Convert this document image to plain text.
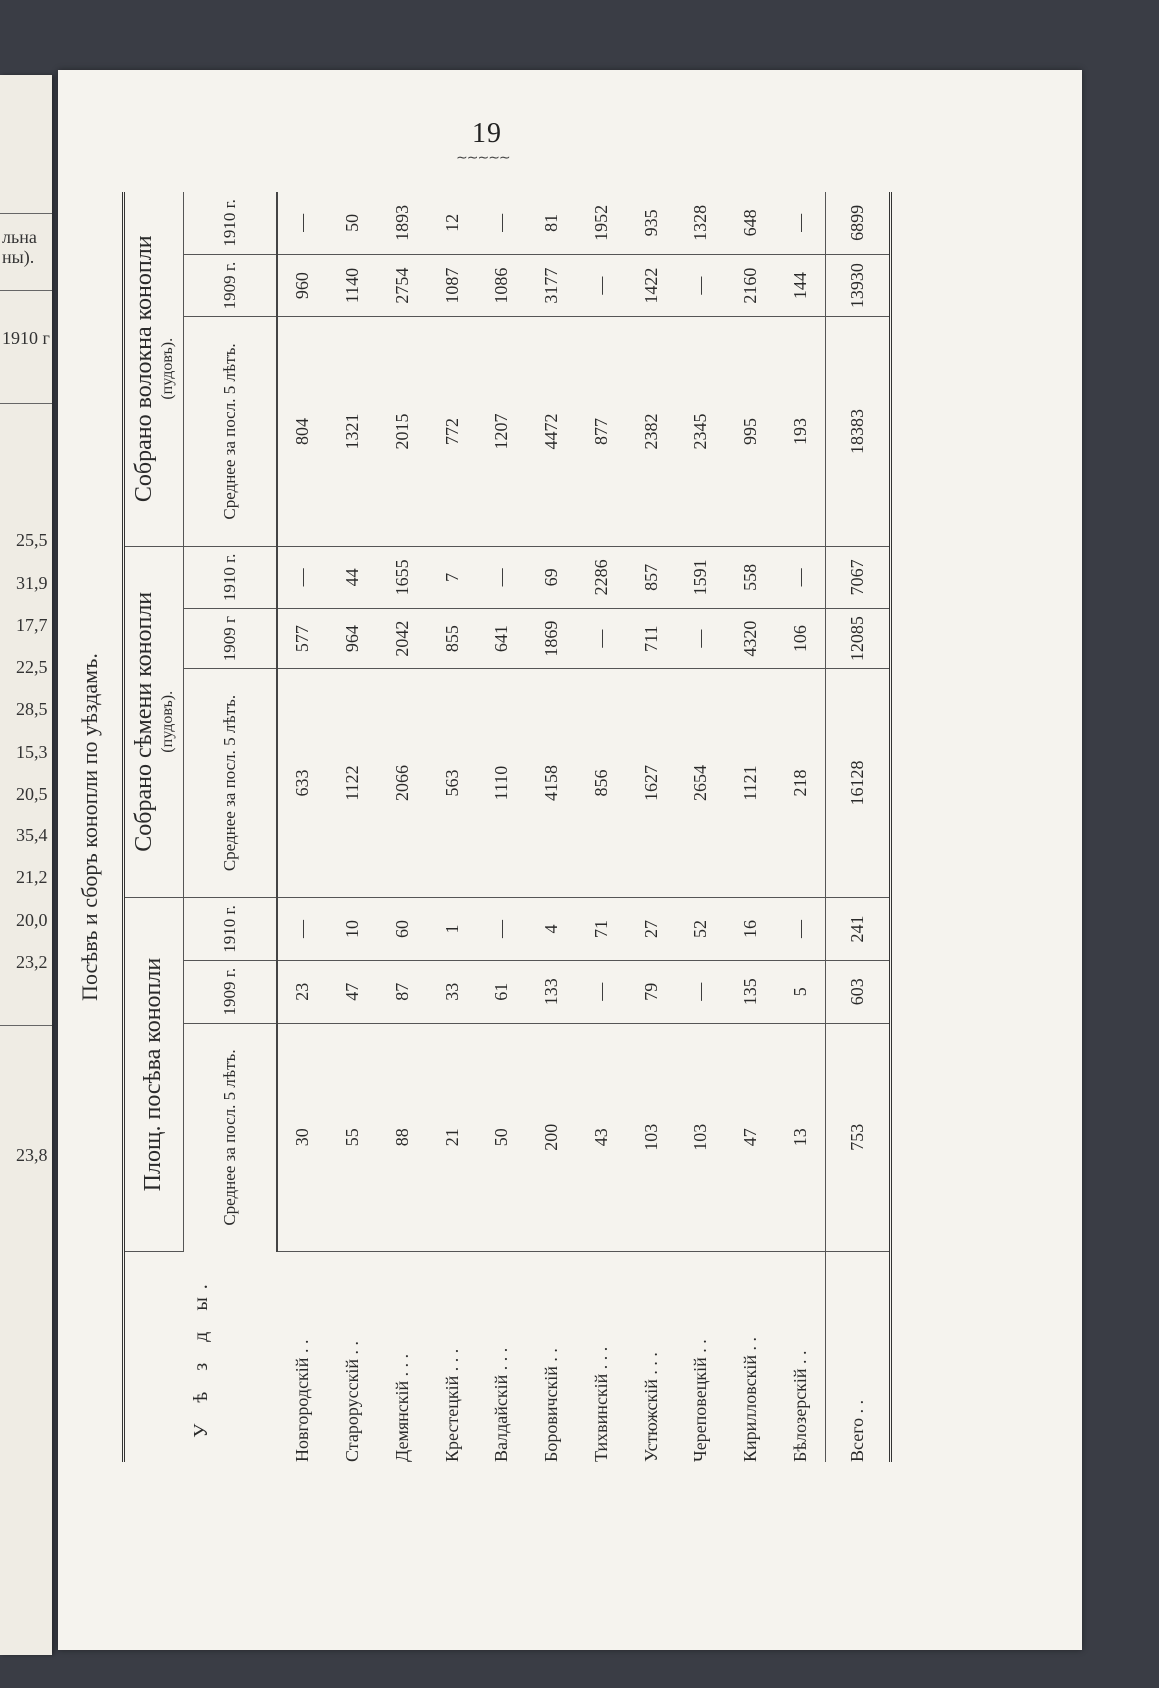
льна
ны).
1910 г
25,5
31,9
17,7
22,5
28,5
15,3
20,5
35,4
21,2
20,0
23,2
23,8
19
∼∼∼∼∼
Посѣвъ и сборъ конопли по уѣздамъ.
У ѣ з д ы.	Площ. посѣва конопли			Собрано сѣмени конопли (пудовъ).			Собрано волокна конопли (пудовъ).		

	Среднее за посл. 5 лѣтъ.	1909 г.	1910 г.	Среднее за посл. 5 лѣтъ.	1909 г	1910 г.	Среднее за посл. 5 лѣтъ.	1909 г.	1910 г.
Новгородскій . .	30	23	—	633	577	—	804	960	—
Старорусскій . .	55	47	10	1122	964	44	1321	1140	50
Демянскій . . .	88	87	60	2066	2042	1655	2015	2754	1893
Крестецкій . . .	21	33	1	563	855	7	772	1087	12
Валдайскій . . .	50	61	—	1110	641	—	1207	1086	—
Боровичскій . .	200	133	4	4158	1869	69	4472	3177	81
Тихвинскій . . .	43	—	71	856	—	2286	877	—	1952
Устюжскій . . .	103	79	27	1627	711	857	2382	1422	935
Череповецкій . .	103	—	52	2654	—	1591	2345	—	1328
Кирилловскій . .	47	135	16	1121	4320	558	995	2160	648
Бѣлозерскій . .	13	5	—	218	106	—	193	144	—
Всего . .	753	603	241	16128	12085	7067	18383	13930	6899
